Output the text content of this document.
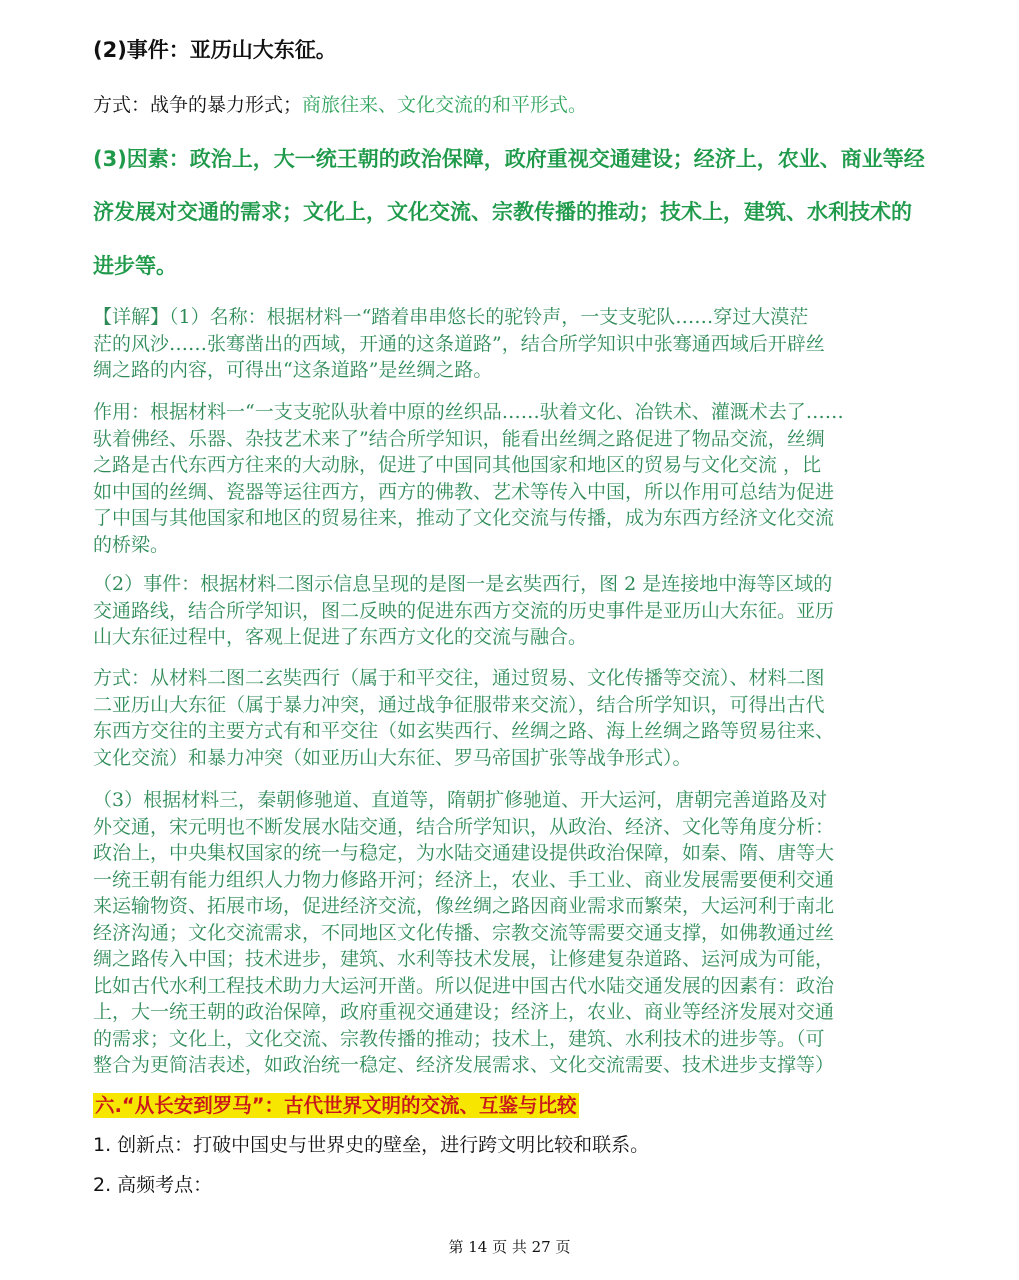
(2)事件：亚历山大东征。
方式：战争的暴力形式；商旅往来、文化交流的和平形式。
(3)因素：政治上，大一统王朝的政治保障，政府重视交通建设；经济上，农业、商业等经
济发展对交通的需求；文化上，文化交流、宗教传播的推动；技术上，建筑、水利技术的
进步等。
【详解】（1）名称：根据材料一“踏着串串悠长的驼铃声，一支支驼队……穿过大漠茫
茫的风沙……张骞凿出的西域，开通的这条道路”，结合所学知识中张骞通西域后开辟丝
绸之路的内容，可得出“这条道路”是丝绸之路。
作用：根据材料一“一支支驼队驮着中原的丝织品……驮着文化、冶铁术、灌溉术去了……
驮着佛经、乐器、杂技艺术来了”结合所学知识，能看出丝绸之路促进了物品交流，丝绸
之路是古代东西方往来的大动脉，促进了中国同其他国家和地区的贸易与文化交流 ，比
如中国的丝绸、瓷器等运往西方，西方的佛教、艺术等传入中国，所以作用可总结为促进
了中国与其他国家和地区的贸易往来，推动了文化交流与传播，成为东西方经济文化交流
的桥梁。
（2）事件：根据材料二图示信息呈现的是图一是玄奘西行，图 2 是连接地中海等区域的
交通路线，结合所学知识，图二反映的促进东西方交流的历史事件是亚历山大东征。亚历
山大东征过程中，客观上促进了东西方文化的交流与融合。
方式：从材料二图二玄奘西行（属于和平交往，通过贸易、文化传播等交流）、材料二图
二亚历山大东征（属于暴力冲突，通过战争征服带来交流），结合所学知识，可得出古代
东西方交往的主要方式有和平交往（如玄奘西行、丝绸之路、海上丝绸之路等贸易往来、
文化交流）和暴力冲突（如亚历山大东征、罗马帝国扩张等战争形式）。
（3）根据材料三，秦朝修驰道、直道等，隋朝扩修驰道、开大运河，唐朝完善道路及对
外交通，宋元明也不断发展水陆交通，结合所学知识，从政治、经济、文化等角度分析：
政治上，中央集权国家的统一与稳定，为水陆交通建设提供政治保障，如秦、隋、唐等大
一统王朝有能力组织人力物力修路开河；经济上，农业、手工业、商业发展需要便利交通
来运输物资、拓展市场，促进经济交流，像丝绸之路因商业需求而繁荣，大运河利于南北
经济沟通；文化交流需求，不同地区文化传播、宗教交流等需要交通支撑，如佛教通过丝
绸之路传入中国；技术进步，建筑、水利等技术发展，让修建复杂道路、运河成为可能，
比如古代水利工程技术助力大运河开凿。所以促进中国古代水陆交通发展的因素有：政治
上，大一统王朝的政治保障，政府重视交通建设；经济上，农业、商业等经济发展对交通
的需求；文化上，文化交流、宗教传播的推动；技术上，建筑、水利技术的进步等。（可
整合为更简洁表述，如政治统一稳定、经济发展需求、文化交流需要、技术进步支撑等）
六.“从长安到罗马”：古代世界文明的交流、互鉴与比较
1. 创新点：打破中国史与世界史的壁垒，进行跨文明比较和联系。
2. 高频考点：
第 14 页 共 27 页
